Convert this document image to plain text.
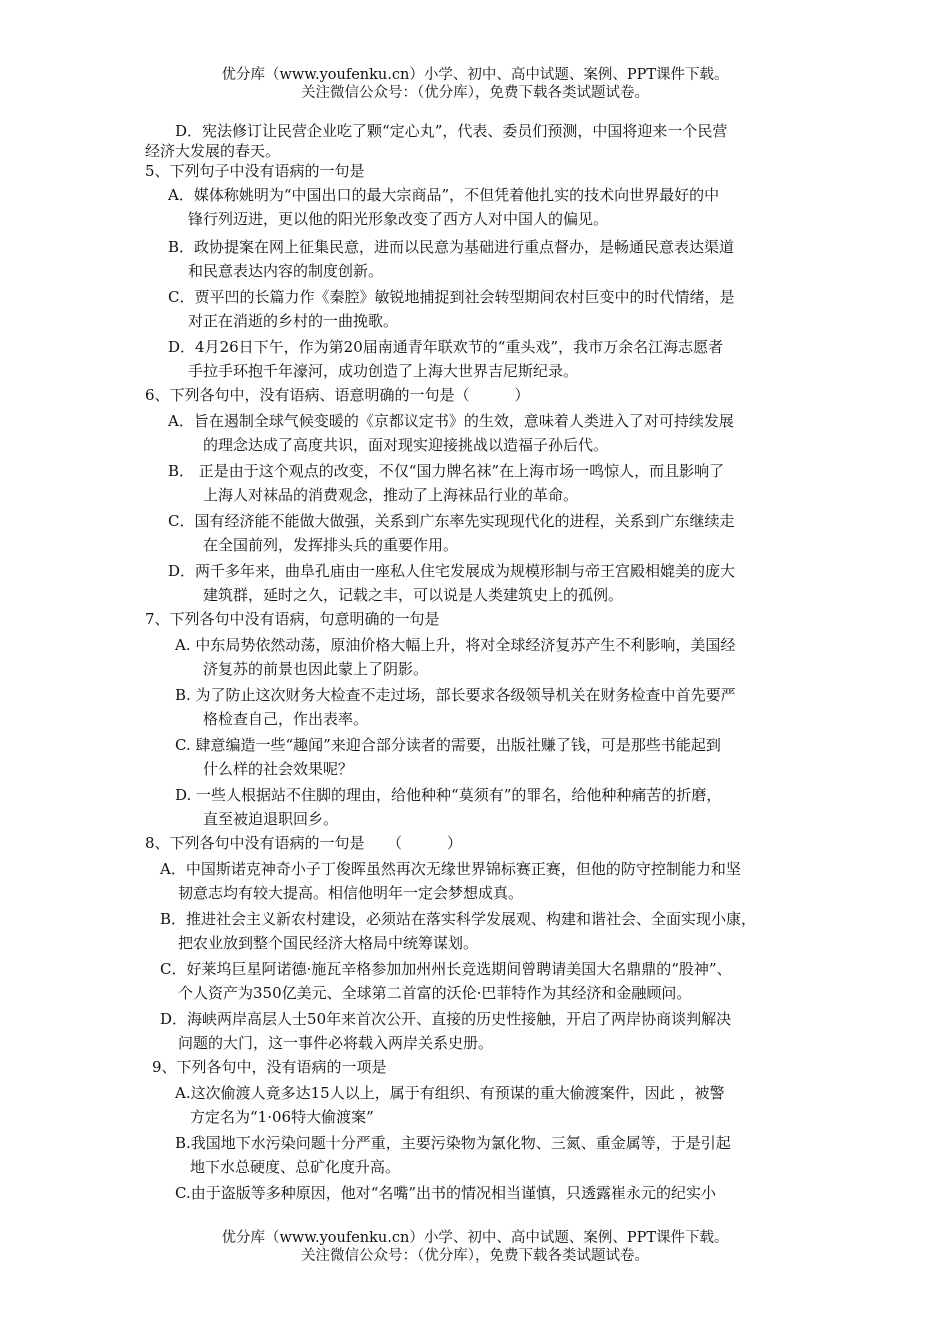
优分库（www.youfenku.cn）小学、初中、高中试题、案例、PPT课件下载。
关注微信公众号：（优分库），免费下载各类试题试卷。
D．宪法修订让民营企业吃了颗“定心丸”，代表、委员们预测，中国将迎来一个民营
经济大发展的春天。
5、下列句子中没有语病的一句是
A．媒体称姚明为“中国出口的最大宗商品”，不但凭着他扎实的技术向世界最好的中
锋行列迈进，更以他的阳光形象改变了西方人对中国人的偏见。
B．政协提案在网上征集民意，进而以民意为基础进行重点督办，是畅通民意表达渠道
和民意表达内容的制度创新。
C．贾平凹的长篇力作《秦腔》敏锐地捕捉到社会转型期间农村巨变中的时代情绪，是
对正在消逝的乡村的一曲挽歌。
D．4月26日下午，作为第20届南通青年联欢节的“重头戏”，我市万余名江海志愿者
手拉手环抱千年濠河，成功创造了上海大世界吉尼斯纪录。
6、下列各句中，没有语病、语意明确的一句是（　　　）
A．旨在遏制全球气候变暖的《京都议定书》的生效，意味着人类进入了对可持续发展
的理念达成了高度共识，面对现实迎接挑战以造福子孙后代。
B． 正是由于这个观点的改变，不仅“国力牌名袜”在上海市场一鸣惊人，而且影响了
上海人对袜品的消费观念，推动了上海袜品行业的革命。
C．国有经济能不能做大做强，关系到广东率先实现现代化的进程，关系到广东继续走
在全国前列，发挥排头兵的重要作用。
D．两千多年来，曲阜孔庙由一座私人住宅发展成为规模形制与帝王宫殿相媲美的庞大
建筑群，延时之久，记载之丰，可以说是人类建筑史上的孤例。
7、下列各句中没有语病，句意明确的一句是
A. 中东局势依然动荡，原油价格大幅上升，将对全球经济复苏产生不利影响，美国经
济复苏的前景也因此蒙上了阴影。
B. 为了防止这次财务大检查不走过场，部长要求各级领导机关在财务检查中首先要严
格检查自己，作出表率。
C. 肆意编造一些“趣闻”来迎合部分读者的需要，出版社赚了钱，可是那些书能起到
什么样的社会效果呢？
D. 一些人根据站不住脚的理由，给他种种“莫须有”的罪名，给他种种痛苦的折磨，
直至被迫退职回乡。
8、下列各句中没有语病的一句是　　（　　　）
A．中国斯诺克神奇小子丁俊晖虽然再次无缘世界锦标赛正赛，但他的防守控制能力和坚
韧意志均有较大提高。相信他明年一定会梦想成真。
B．推进社会主义新农村建设，必须站在落实科学发展观、构建和谐社会、全面实现小康，
把农业放到整个国民经济大格局中统筹谋划。
C．好莱坞巨星阿诺德·施瓦辛格参加加州州长竞选期间曾聘请美国大名鼎鼎的“股神”、
个人资产为350亿美元、全球第二首富的沃伦·巴菲特作为其经济和金融顾问。
D．海峡两岸高层人士50年来首次公开、直接的历史性接触，开启了两岸协商谈判解决
问题的大门，这一事件必将载入两岸关系史册。
9、下列各句中，没有语病的一项是
A.这次偷渡人竟多达15人以上，属于有组织、有预谋的重大偷渡案件，因此 ，被警
方定名为“1·06特大偷渡案”
B.我国地下水污染问题十分严重，主要污染物为氯化物、三氮、重金属等，于是引起
地下水总硬度、总矿化度升高。
C.由于盗版等多种原因，他对“名嘴”出书的情况相当谨慎，只透露崔永元的纪实小
优分库（www.youfenku.cn）小学、初中、高中试题、案例、PPT课件下载。
关注微信公众号：（优分库），免费下载各类试题试卷。
